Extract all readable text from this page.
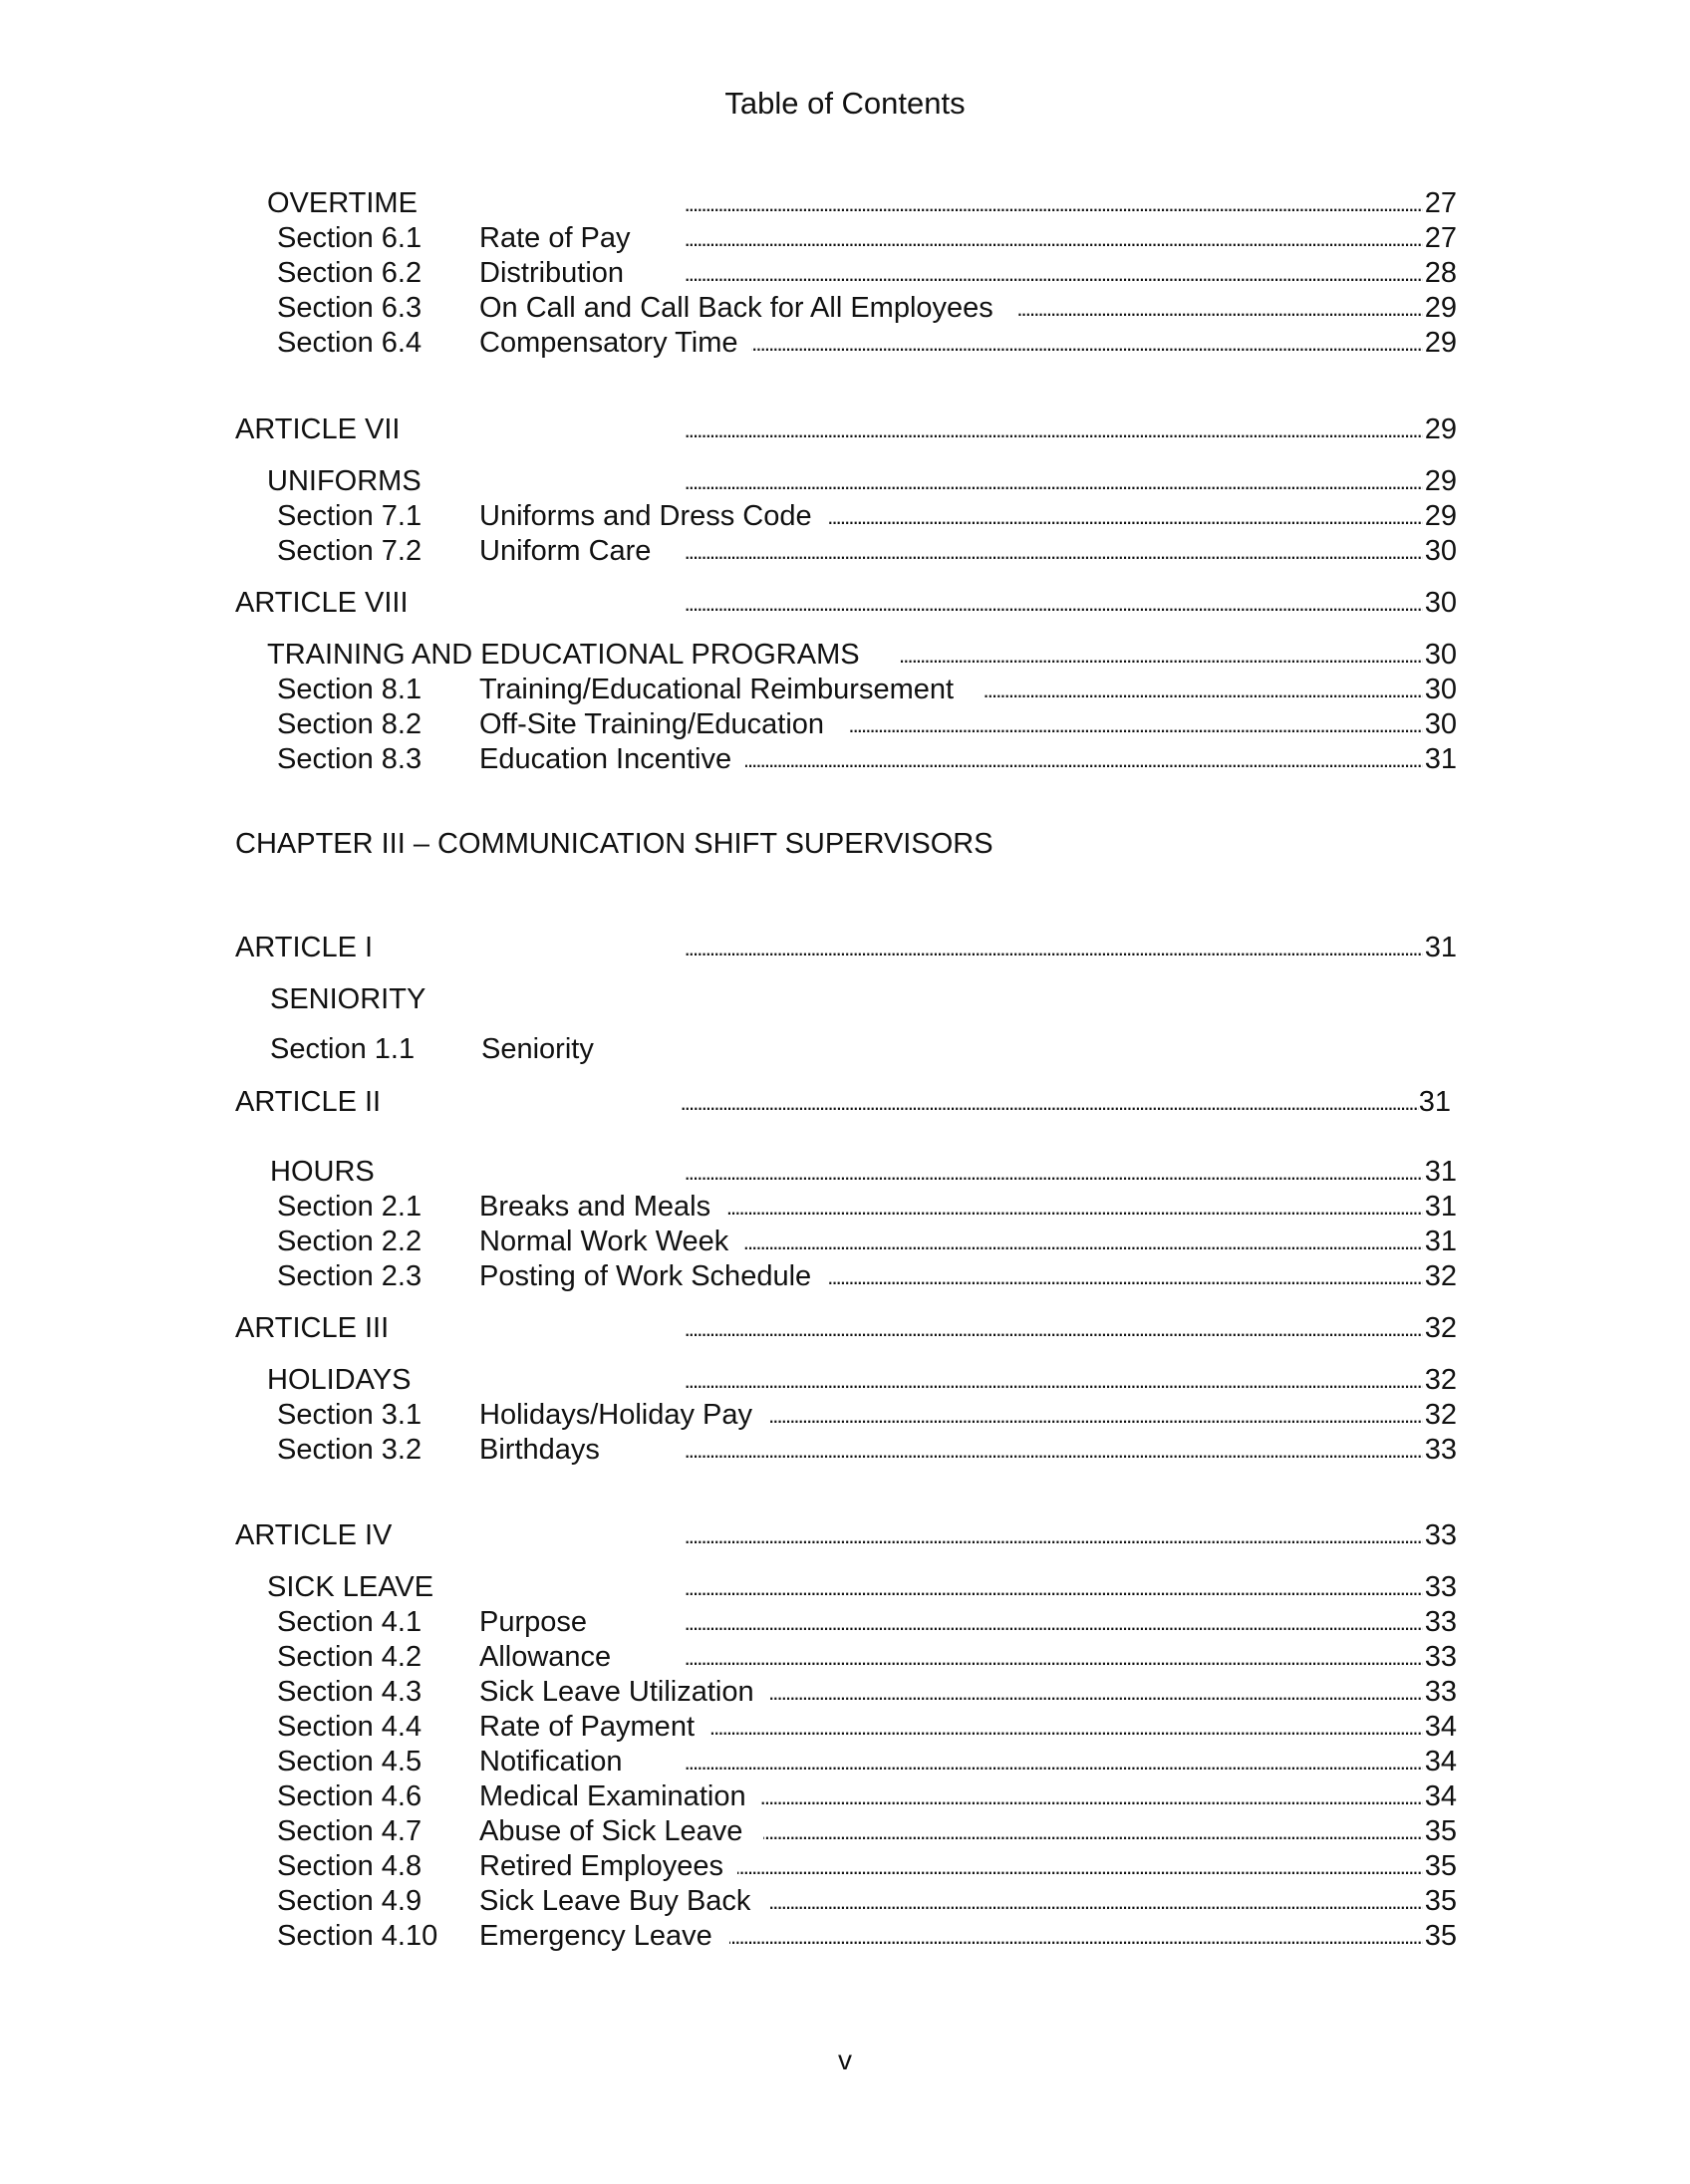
Table of Contents
OVERTIME . . .	27
Section 6.1 Rate of Pay . . .	27
Section 6.2 Distribution . . .	28
Section 6.3 On Call and Call Back for All Employees . . .	29
Section 6.4 Compensatory Time . . .	29
ARTICLE VII . . .	29
UNIFORMS . . .	29
Section 7.1 Uniforms and Dress Code . . .	29
Section 7.2 Uniform Care . . .	30
ARTICLE VIII . . .	30
TRAINING AND EDUCATIONAL PROGRAMS . . .	30
Section 8.1 Training/Educational Reimbursement . . .	30
Section 8.2 Off-Site Training/Education . . .	30
Section 8.3 Education Incentive . . .	31
CHAPTER III – COMMUNICATION SHIFT SUPERVISORS
ARTICLE I . . .	31
SENIORITY
Section 1.1 Seniority
ARTICLE II . . .	31
HOURS . . .	31
Section 2.1 Breaks and Meals . . .	31
Section 2.2 Normal Work Week . . .	31
Section 2.3 Posting of Work Schedule . . .	32
ARTICLE III . . .	32
HOLIDAYS . . .	32
Section 3.1 Holidays/Holiday Pay . . .	32
Section 3.2 Birthdays . . .	33
ARTICLE IV . . .	33
SICK LEAVE . . .	33
Section 4.1 Purpose . . .	33
Section 4.2 Allowance . . .	33
Section 4.3 Sick Leave Utilization . . .	33
Section 4.4 Rate of Payment . . .	34
Section 4.5 Notification . . .	34
Section 4.6 Medical Examination . . .	34
Section 4.7 Abuse of Sick Leave . . .	35
Section 4.8 Retired Employees . . .	35
Section 4.9 Sick Leave Buy Back . . .	35
Section 4.10 Emergency Leave . . .	35
v
